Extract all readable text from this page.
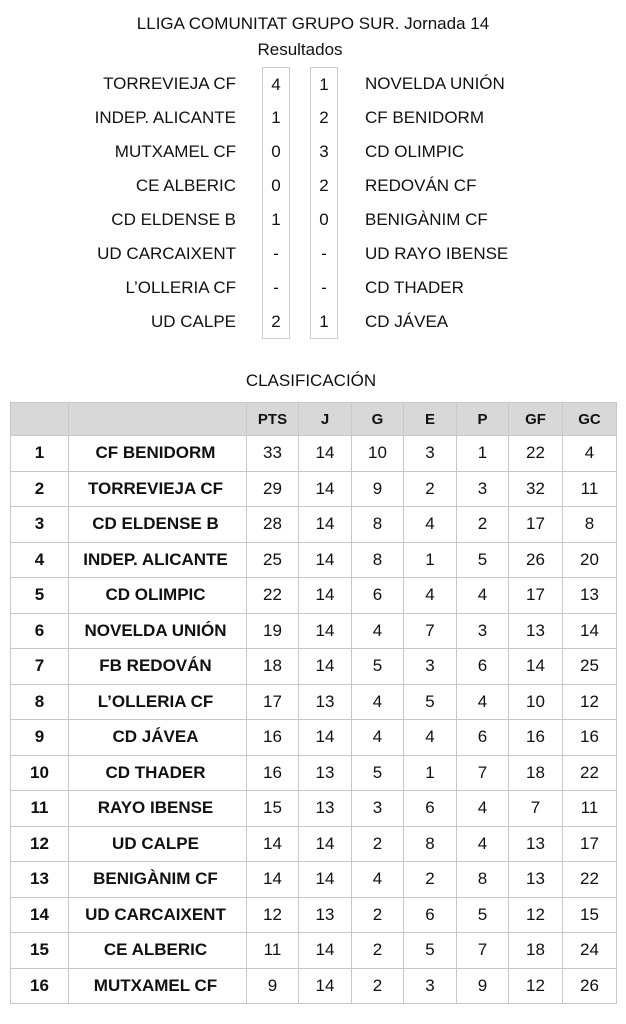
LLIGA COMUNITAT GRUPO SUR. Jornada 14
Resultados
TORREVIEJA CF	4	1	NOVELDA UNIÓN
INDEP. ALICANTE	1	2	CF BENIDORM
MUTXAMEL CF	0	3	CD OLIMPIC
CE ALBERIC	0	2	REDOVÁN CF
CD ELDENSE B	1	0	BENIGÀNIM CF
UD CARCAIXENT	-	-	UD RAYO IBENSE
L’OLLERIA CF	-	-	CD THADER
UD CALPE	2	1	CD JÁVEA
CLASIFICACIÓN
		PTS	J	G	E	P	GF	GC
1	CF BENIDORM	33	14	10	3	1	22	4
2	TORREVIEJA CF	29	14	9	2	3	32	11
3	CD ELDENSE B	28	14	8	4	2	17	8
4	INDEP. ALICANTE	25	14	8	1	5	26	20
5	CD OLIMPIC	22	14	6	4	4	17	13
6	NOVELDA UNIÓN	19	14	4	7	3	13	14
7	FB REDOVÁN	18	14	5	3	6	14	25
8	L’OLLERIA CF	17	13	4	5	4	10	12
9	CD JÁVEA	16	14	4	4	6	16	16
10	CD THADER	16	13	5	1	7	18	22
11	RAYO IBENSE	15	13	3	6	4	7	11
12	UD CALPE	14	14	2	8	4	13	17
13	BENIGÀNIM CF	14	14	4	2	8	13	22
14	UD CARCAIXENT	12	13	2	6	5	12	15
15	CE ALBERIC	11	14	2	5	7	18	24
16	MUTXAMEL CF	9	14	2	3	9	12	26
